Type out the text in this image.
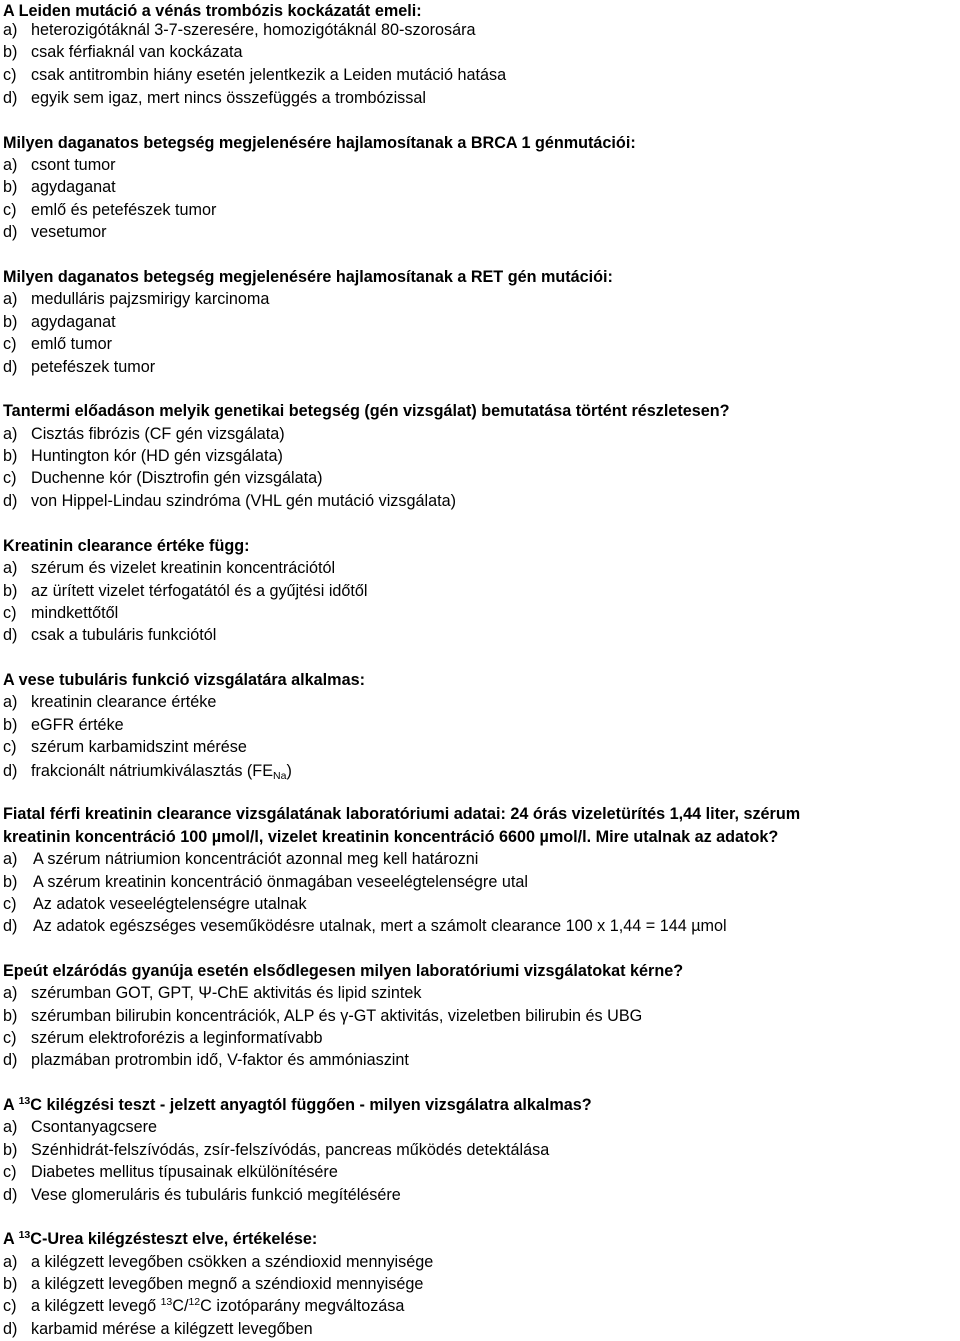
A Leiden mutáció a vénás trombózis kockázatát emeli:
a) heterozigótáknál 3-7-szeresére, homozigótáknál 80-szorosára
b) csak férfiaknál van kockázata
c) csak antitrombin hiány esetén jelentkezik a Leiden mutáció hatása
d) egyik sem igaz, mert nincs összefüggés a trombózissal
Milyen daganatos betegség megjelenésére hajlamosítanak a BRCA 1 génmutációi:
a) csont tumor
b) agydaganat
c) emlő és petefészek tumor
d) vesetumor
Milyen daganatos betegség megjelenésére hajlamosítanak a RET gén mutációi:
a) medulláris pajzsmirigy karcinoma
b) agydaganat
c) emlő tumor
d) petefészek tumor
Tantermi előadáson melyik genetikai betegség (gén vizsgálat) bemutatása történt részletesen?
a) Cisztás fibrózis (CF gén vizsgálata)
b) Huntington kór (HD gén vizsgálata)
c) Duchenne kór (Disztrofin gén vizsgálata)
d) von Hippel-Lindau szindróma (VHL gén mutáció vizsgálata)
Kreatinin clearance értéke függ:
a) szérum és vizelet kreatinin koncentrációtól
b) az ürített vizelet térfogatától és a gyűjtési időtől
c) mindkettőtől
d) csak a tubuláris funkciótól
A vese tubuláris funkció vizsgálatára alkalmas:
a) kreatinin clearance értéke
b) eGFR értéke
c) szérum karbamidszint mérése
d) frakcionált nátriumkiválasztás $(FE_{Na})$
Fiatal férfi kreatinin clearance vizsgálatának laboratóriumi adatai: 24 órás vizeletürítés 1,44 liter, szérum
kreatinin koncentráció 100 µmol/l, vizelet kreatinin koncentráció 6600 µmol/l. Mire utalnak az adatok?
a) A szérum nátriumion koncentrációt azonnal meg kell határozni
b) A szérum kreatinin koncentráció önmagában veseelégtelenségre utal
c) Az adatok veseelégtelenségre utalnak
d) Az adatok egészséges veseműködésre utalnak, mert a számolt clearance 100 x 1,44 = 144 µmol
Epeút elzáródás gyanúja esetén elsődlegesen milyen laboratóriumi vizsgálatokat kérne?
a) szérumban GOT, GPT, Ψ-ChE aktivitás és lipid szintek
b) szérumban bilirubin koncentrációk, ALP és γ-GT aktivitás, vizeletben bilirubin és UBG
c) szérum elektroforézis a leginformatívabb
d) plazmában protrombin idő, V-faktor és ammóniaszint
A $^{13}$C kilégzési teszt - jelzett anyagtól függően - milyen vizsgálatra alkalmas?
a) Csontanyagcsere
b) Szénhidrát-felszívódás, zsír-felszívódás, pancreas működés detektálása
c) Diabetes mellitus típusainak elkülönítésére
d) Vese glomeruláris és tubuláris funkció megítélésére
A $^{13}$C-Urea kilégzésteszt elve, értékelése:
a) a kilégzett levegőben csökken a széndioxid mennyisége
b) a kilégzett levegőben megnő a széndioxid mennyisége
c) a kilégzett levegő $^{13}$C/$^{12}$C izotóparány megváltozása
d) karbamid mérése a kilégzett levegőben
